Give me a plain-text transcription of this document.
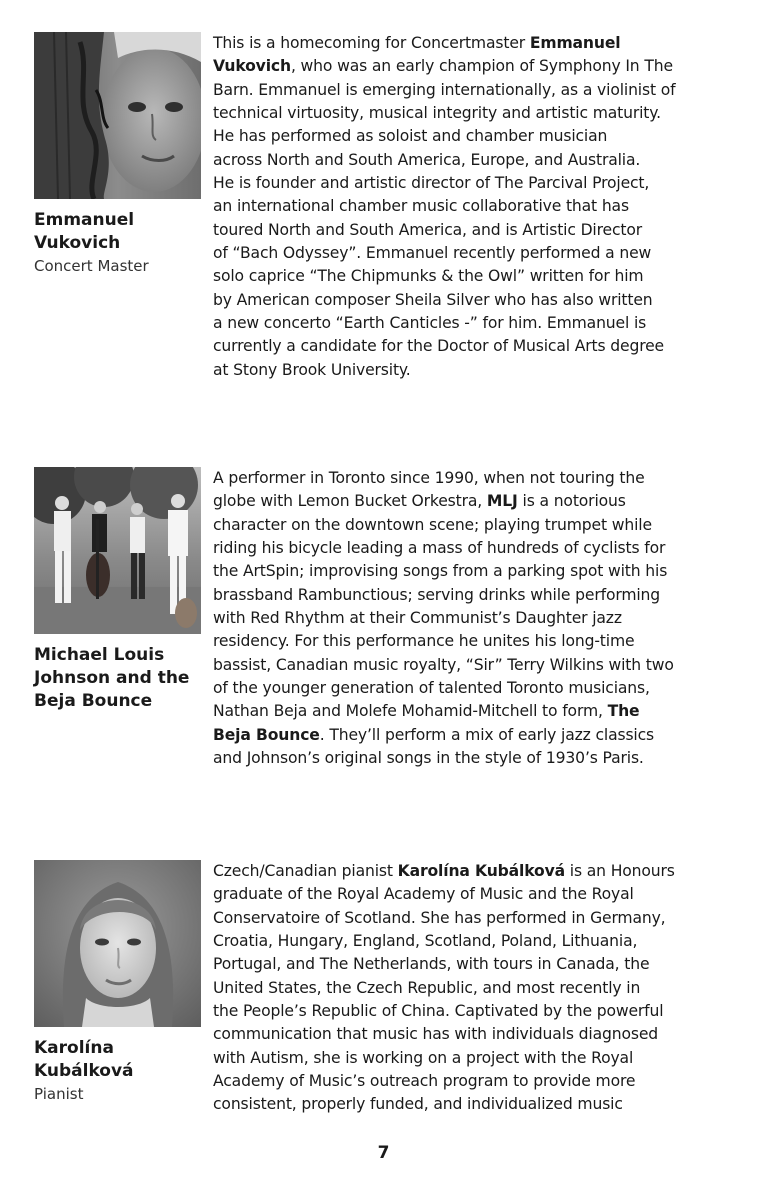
Emmanuel
Vukovich
Concert Master
This is a homecoming for Concertmaster Emmanuel
Vukovich, who was an early champion of Symphony In The
Barn. Emmanuel is emerging internationally, as a violinist of
technical virtuosity, musical integrity and artistic maturity.
He has performed as soloist and chamber musician
across North and South America, Europe, and Australia.
He is founder and artistic director of The Parcival Project,
an international chamber music collaborative that has
toured North and South America, and is Artistic Director
of “Bach Odyssey”. Emmanuel recently performed a new
solo caprice “The Chipmunks & the Owl” written for him
by American composer Sheila Silver who has also written
a new concerto “Earth Canticles -” for him. Emmanuel is
currently a candidate for the Doctor of Musical Arts degree
at Stony Brook University.
Michael Louis
Johnson and the
Beja Bounce
A performer in Toronto since 1990, when not touring the
globe with Lemon Bucket Orkestra, MLJ is a notorious
character on the downtown scene; playing trumpet while
riding his bicycle leading a mass of hundreds of cyclists for
the ArtSpin; improvising songs from a parking spot with his
brassband Rambunctious; serving drinks while performing
with Red Rhythm at their Communist’s Daughter jazz
residency. For this performance he unites his long-time
bassist, Canadian music royalty, “Sir” Terry Wilkins with two
of the younger generation of talented Toronto musicians,
Nathan Beja and Molefe Mohamid-Mitchell to form, The
Beja Bounce. They’ll perform a mix of early jazz classics
and Johnson’s original songs in the style of 1930’s Paris.
Karolína
Kubálková
Pianist
Czech/Canadian pianist Karolína Kubálková is an Honours
graduate of the Royal Academy of Music and the Royal
Conservatoire of Scotland. She has performed in Germany,
Croatia, Hungary, England, Scotland, Poland, Lithuania,
Portugal, and The Netherlands, with tours in Canada, the
United States, the Czech Republic, and most recently in
the People’s Republic of China. Captivated by the powerful
communication that music has with individuals diagnosed
with Autism, she is working on a project with the Royal
Academy of Music’s outreach program to provide more
consistent, properly funded, and individualized music
7
